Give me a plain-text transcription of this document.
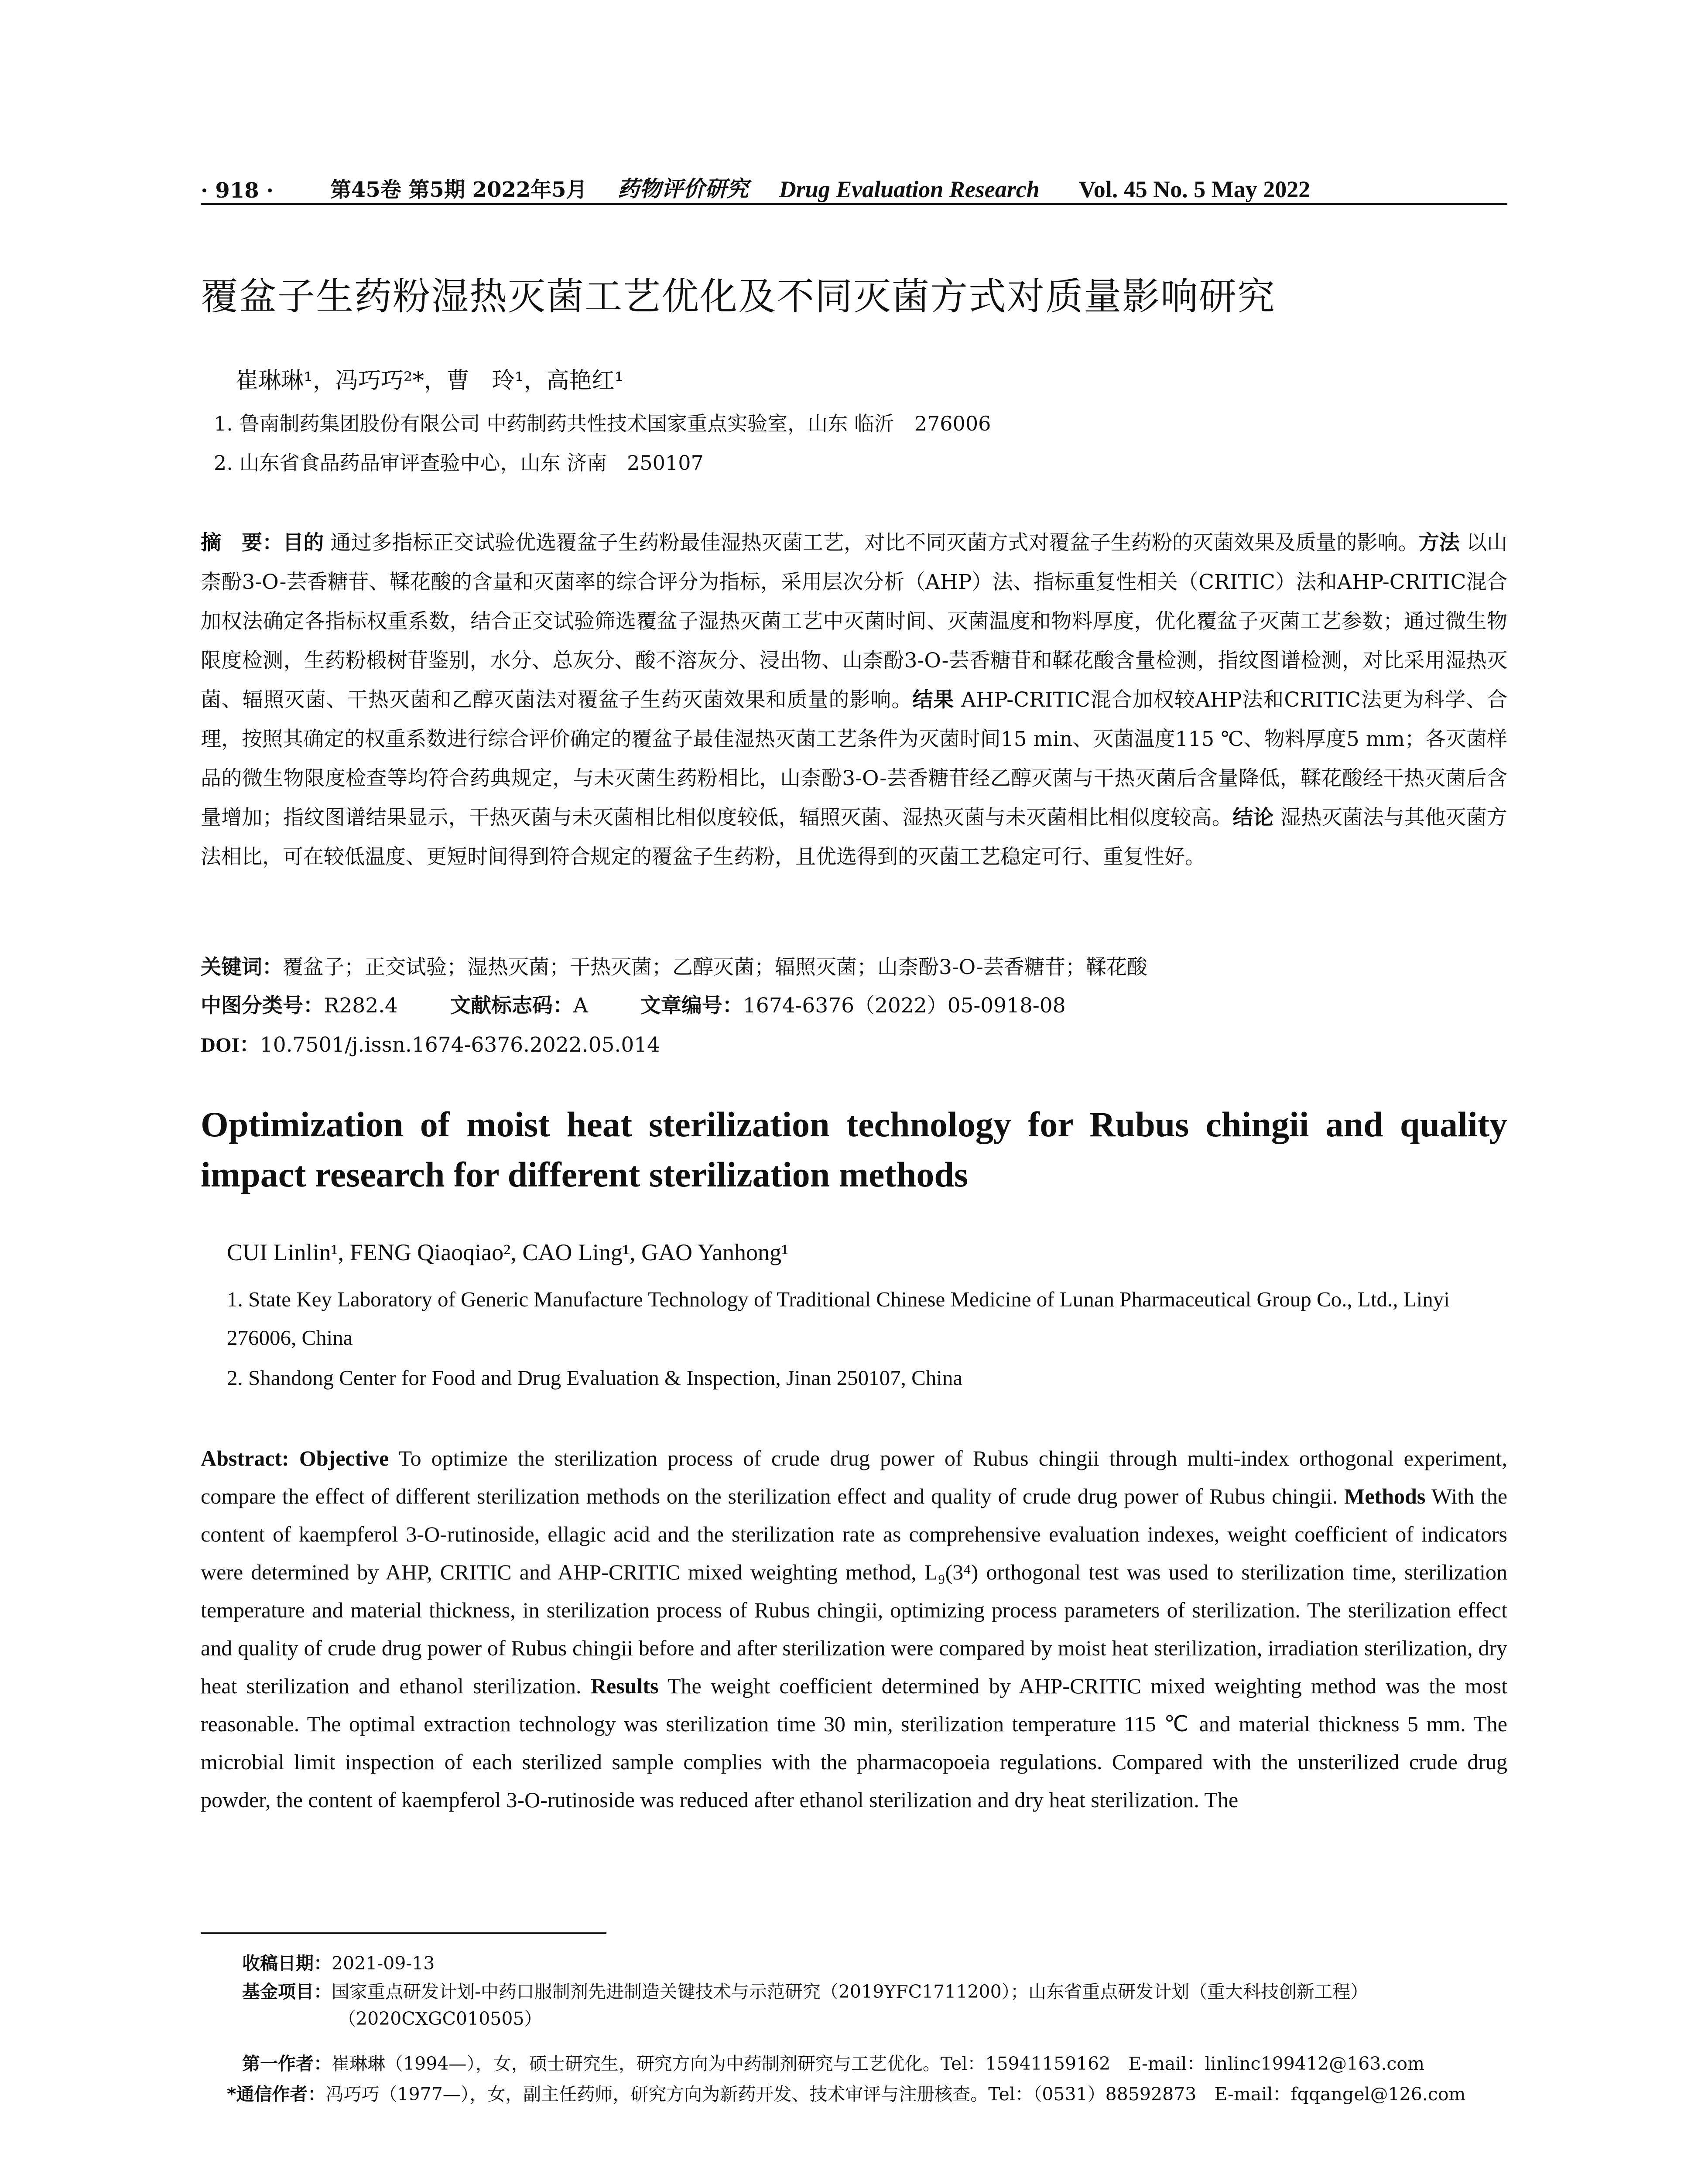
· 918 ·	第45卷 第5期 2022年5月 药物评价研究 Drug Evaluation Research Vol. 45 No. 5 May 2022
覆盆子生药粉湿热灭菌工艺优化及不同灭菌方式对质量影响研究
崔琳琳¹，冯巧巧²*，曹　玲¹，高艳红¹
1. 鲁南制药集团股份有限公司 中药制药共性技术国家重点实验室，山东 临沂　276006
2. 山东省食品药品审评查验中心，山东 济南　250107
摘　要：目的 通过多指标正交试验优选覆盆子生药粉最佳湿热灭菌工艺，对比不同灭菌方式对覆盆子生药粉的灭菌效果及质量的影响。方法 以山柰酚3-O-芸香糖苷、鞣花酸的含量和灭菌率的综合评分为指标，采用层次分析（AHP）法、指标重复性相关（CRITIC）法和AHP-CRITIC混合加权法确定各指标权重系数，结合正交试验筛选覆盆子湿热灭菌工艺中灭菌时间、灭菌温度和物料厚度，优化覆盆子灭菌工艺参数；通过微生物限度检测，生药粉椴树苷鉴别，水分、总灰分、酸不溶灰分、浸出物、山柰酚3-O-芸香糖苷和鞣花酸含量检测，指纹图谱检测，对比采用湿热灭菌、辐照灭菌、干热灭菌和乙醇灭菌法对覆盆子生药灭菌效果和质量的影响。结果 AHP-CRITIC混合加权较AHP法和CRITIC法更为科学、合理，按照其确定的权重系数进行综合评价确定的覆盆子最佳湿热灭菌工艺条件为灭菌时间15 min、灭菌温度115 ℃、物料厚度5 mm；各灭菌样品的微生物限度检查等均符合药典规定，与未灭菌生药粉相比，山柰酚3-O-芸香糖苷经乙醇灭菌与干热灭菌后含量降低，鞣花酸经干热灭菌后含量增加；指纹图谱结果显示，干热灭菌与未灭菌相比相似度较低，辐照灭菌、湿热灭菌与未灭菌相比相似度较高。结论 湿热灭菌法与其他灭菌方法相比，可在较低温度、更短时间得到符合规定的覆盆子生药粉，且优选得到的灭菌工艺稳定可行、重复性好。
关键词：覆盆子；正交试验；湿热灭菌；干热灭菌；乙醇灭菌；辐照灭菌；山柰酚3-O-芸香糖苷；鞣花酸
中图分类号：R282.4	文献标志码：A	文章编号：1674-6376（2022）05-0918-08
DOI：10.7501/j.issn.1674-6376.2022.05.014
Optimization of moist heat sterilization technology for Rubus chingii and quality impact research for different sterilization methods
CUI Linlin¹, FENG Qiaoqiao², CAO Ling¹, GAO Yanhong¹
1. State Key Laboratory of Generic Manufacture Technology of Traditional Chinese Medicine of Lunan Pharmaceutical Group Co., Ltd., Linyi 276006, China
2. Shandong Center for Food and Drug Evaluation & Inspection, Jinan 250107, China
Abstract: Objective To optimize the sterilization process of crude drug power of Rubus chingii through multi-index orthogonal experiment, compare the effect of different sterilization methods on the sterilization effect and quality of crude drug power of Rubus chingii. Methods With the content of kaempferol 3-O-rutinoside, ellagic acid and the sterilization rate as comprehensive evaluation indexes, weight coefficient of indicators were determined by AHP, CRITIC and AHP-CRITIC mixed weighting method, L₉(3⁴) orthogonal test was used to sterilization time, sterilization temperature and material thickness, in sterilization process of Rubus chingii, optimizing process parameters of sterilization. The sterilization effect and quality of crude drug power of Rubus chingii before and after sterilization were compared by moist heat sterilization, irradiation sterilization, dry heat sterilization and ethanol sterilization. Results The weight coefficient determined by AHP-CRITIC mixed weighting method was the most reasonable. The optimal extraction technology was sterilization time 30 min, sterilization temperature 115 ℃ and material thickness 5 mm. The microbial limit inspection of each sterilized sample complies with the pharmacopoeia regulations. Compared with the unsterilized crude drug powder, the content of kaempferol 3-O-rutinoside was reduced after ethanol sterilization and dry heat sterilization. The
收稿日期：2021-09-13
基金项目：国家重点研发计划-中药口服制剂先进制造关键技术与示范研究（2019YFC1711200）；山东省重点研发计划（重大科技创新工程）（2020CXGC010505）
第一作者：崔琳琳（1994—），女，硕士研究生，研究方向为中药制剂研究与工艺优化。Tel：15941159162　E-mail：linlinc199412@163.com
*通信作者：冯巧巧（1977—），女，副主任药师，研究方向为新药开发、技术审评与注册核查。Tel：（0531）88592873　E-mail：fqqangel@126.com
